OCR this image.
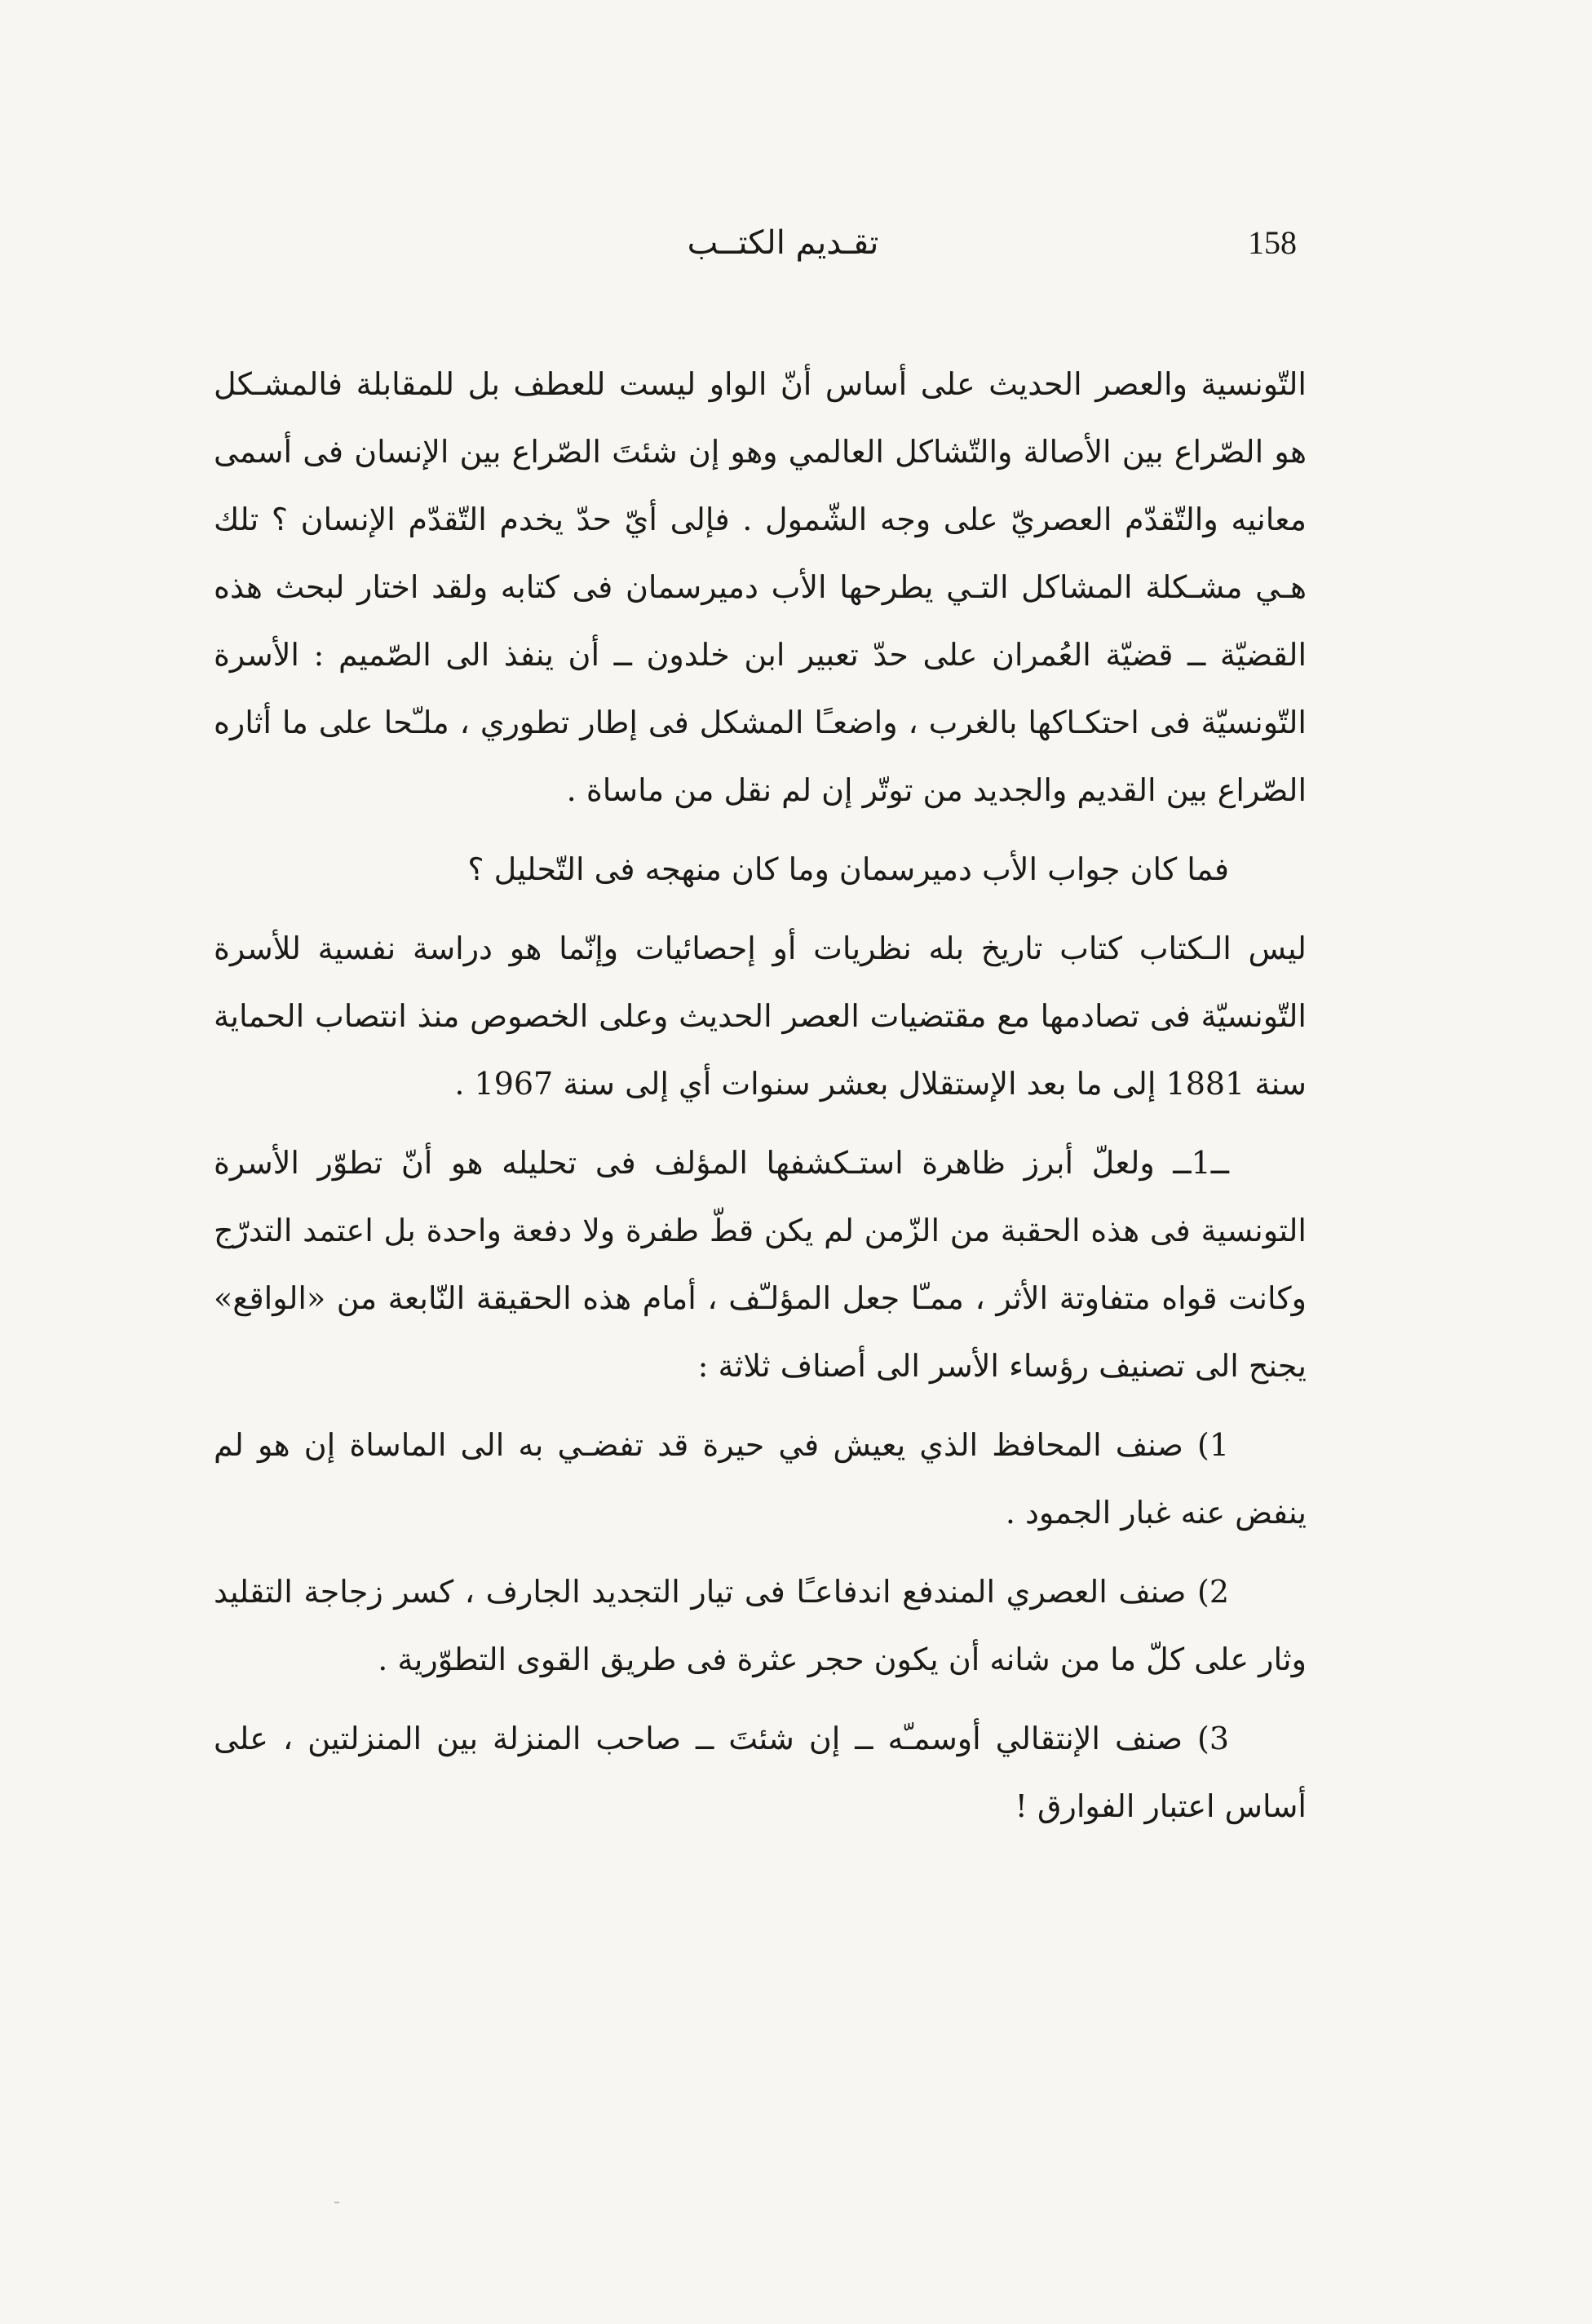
تقـديم الكتــب	158

التّونسية والعصر الحديث على أساس أنّ الواو ليست للعطف بل للمقابلة فالمشـكل هو الصّراع بين الأصالة والتّشاكل العالمي وهو إن شئتَ الصّراع بين الإنسان فى أسمى معانيه والتّقدّم العصريّ على وجه الشّمول . فإلى أيّ حدّ يخدم التّقدّم الإنسان ؟ تلك هـي مشـكلة المشاكل التـي يطرحها الأب دميرسمان فى كتابه ولقد اختار لبحث هذه القضيّة ــ قضيّة العُمران على حدّ تعبير ابن خلدون ــ أن ينفذ الى الصّميم : الأسرة التّونسيّة فى احتكـاكها بالغرب ، واضعـًا المشكل فى إطار تطوري ، ملـّحا على ما أثاره الصّراع بين القديم والجديد من توتّر إن لم نقل من ماساة .

فما كان جواب الأب دميرسمان وما كان منهجه فى التّحليل ؟

ليس الـكتاب كتاب تاريخ بله نظريات أو إحصائيات وإنّما هو دراسة نفسية للأسرة التّونسيّة فى تصادمها مع مقتضيات العصر الحديث وعلى الخصوص منذ انتصاب الحماية سنة 1881 إلى ما بعد الإستقلال بعشر سنوات أي إلى سنة 1967 .

ــ1ــ ولعلّ أبرز ظاهرة استـكشفها المؤلف فى تحليله هو أنّ تطوّر الأسرة التونسية فى هذه الحقبة من الزّمن لم يكن قطّ طفرة ولا دفعة واحدة بل اعتمد التدرّج وكانت قواه متفاوتة الأثر ، ممـّا جعل المؤلـّف ، أمام هذه الحقيقة النّابعة من «الواقع» يجنح الى تصنيف رؤساء الأسر الى أصناف ثلاثة :

1) صنف المحافظ الذي يعيش في حيرة قد تفضـي به الى الماساة إن هو لم ينفض عنه غبار الجمود .

2) صنف العصري المندفع اندفاعـًا فى تيار التجديد الجارف ، كسر زجاجة التقليد وثار على كلّ ما من شانه أن يكون حجر عثرة فى طريق القوى التطوّرية .

3) صنف الإنتقالي أوسمـّه ــ إن شئتَ ــ صاحب المنزلة بين المنزلتين ، على أساس اعتبار الفوارق !
